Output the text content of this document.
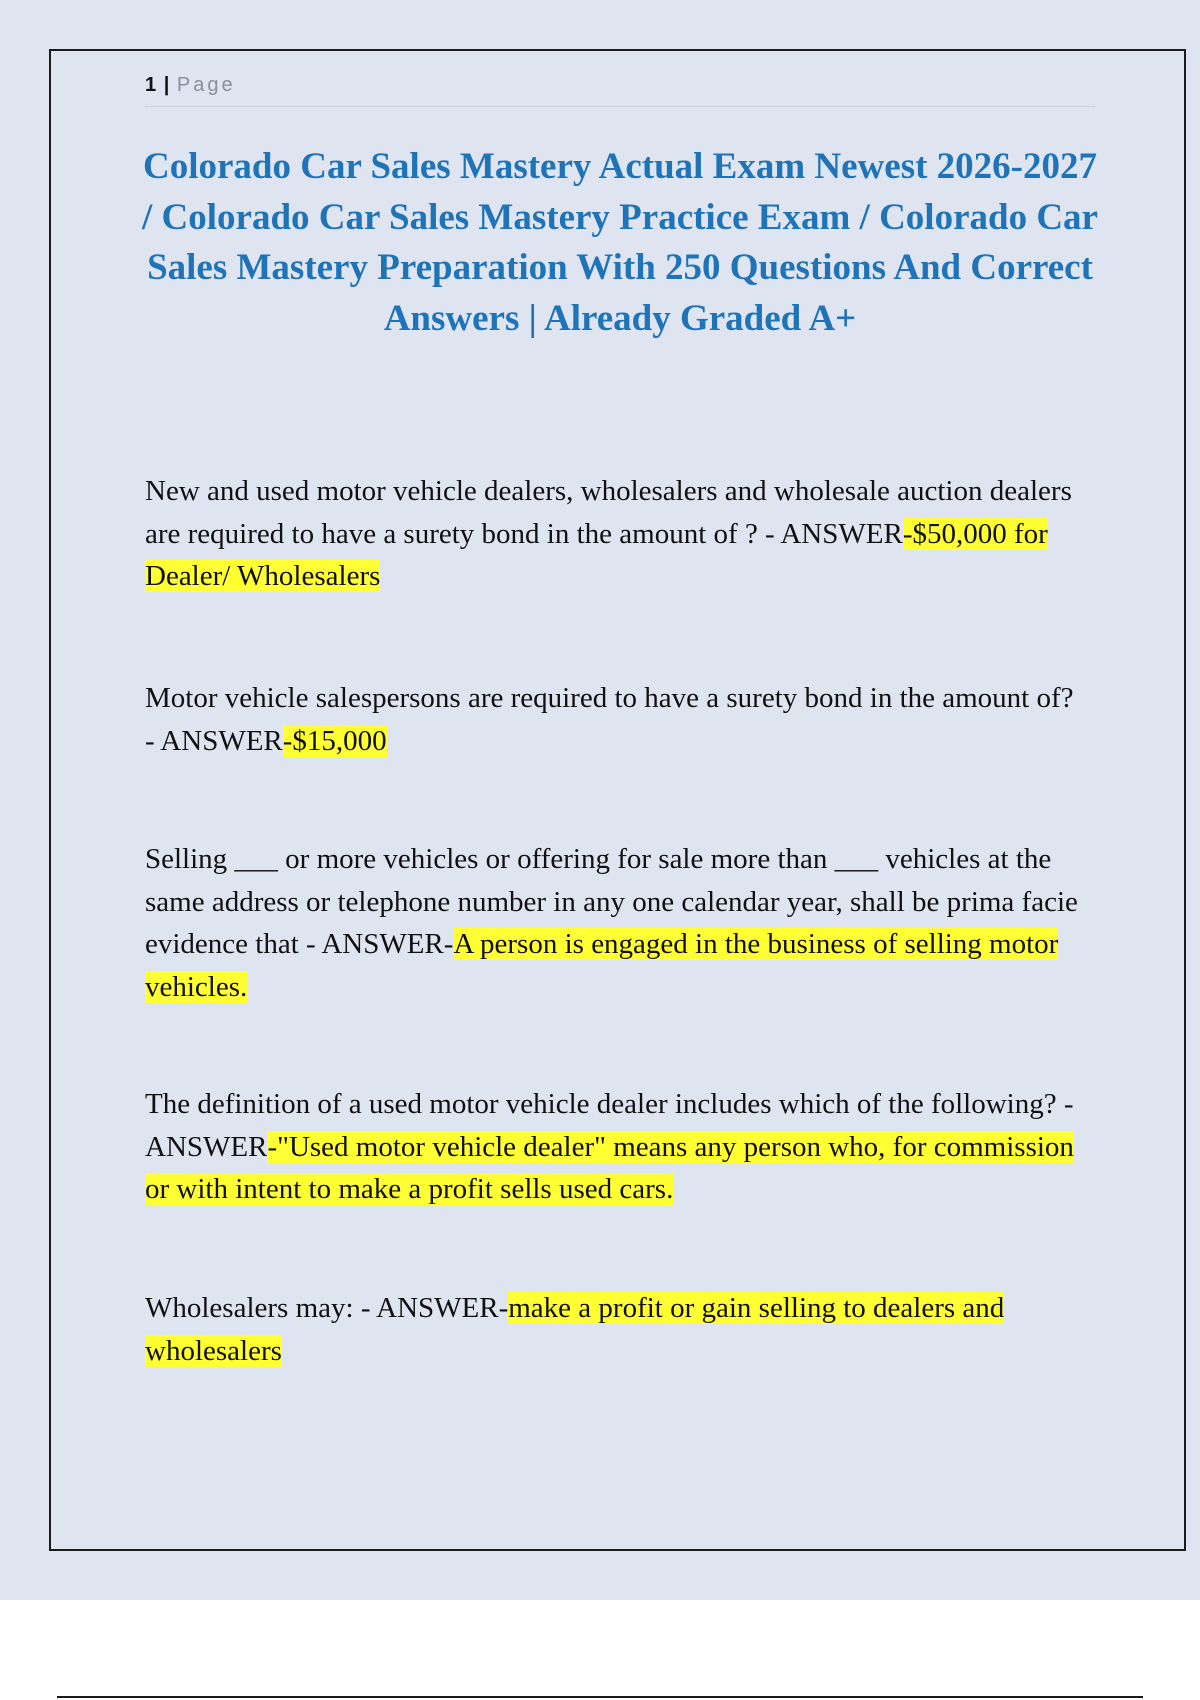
1 | Page
Colorado Car Sales Mastery Actual Exam Newest 2026-2027 / Colorado Car Sales Mastery Practice Exam / Colorado Car Sales Mastery Preparation With 250 Questions And Correct Answers | Already Graded A+

New and used motor vehicle dealers, wholesalers and wholesale auction dealers are required to have a surety bond in the amount of ? - ANSWER-$50,000 for Dealer/ Wholesalers

Motor vehicle salespersons are required to have a surety bond in the amount of? - ANSWER-$15,000

Selling ___ or more vehicles or offering for sale more than ___ vehicles at the same address or telephone number in any one calendar year, shall be prima facie evidence that - ANSWER-A person is engaged in the business of selling motor vehicles.

The definition of a used motor vehicle dealer includes which of the following? - ANSWER-"Used motor vehicle dealer" means any person who, for commission or with intent to make a profit sells used cars.

Wholesalers may: - ANSWER-make a profit or gain selling to dealers and wholesalers
